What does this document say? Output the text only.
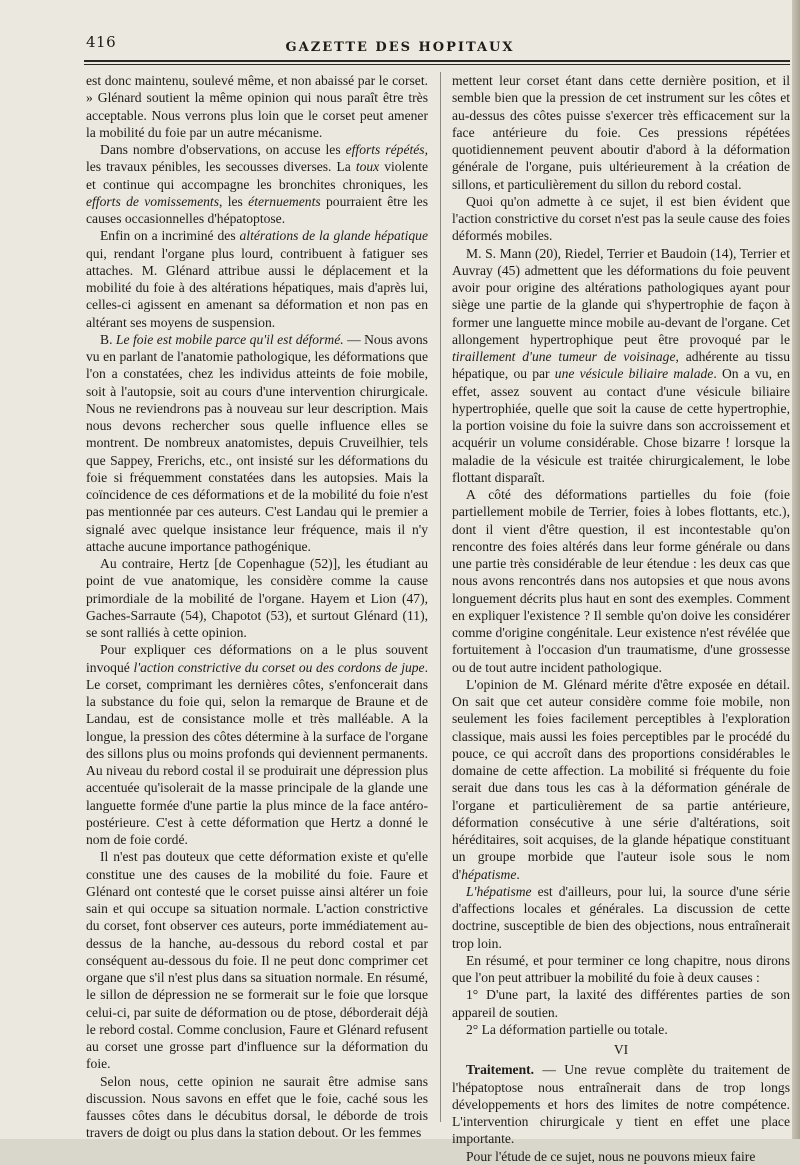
416	GAZETTE DES HOPITAUX

est donc maintenu, soulevé même, et non abaissé par le corset. » Glénard soutient la même opinion qui nous paraît être très acceptable. Nous verrons plus loin que le corset peut amener la mobilité du foie par un autre mécanisme.

Dans nombre d'observations, on accuse les efforts répétés, les travaux pénibles, les secousses diverses. La toux violente et continue qui accompagne les bronchites chroniques, les efforts de vomissements, les éternuements pourraient être les causes occasionnelles d'hépatoptose.

Enfin on a incriminé des altérations de la glande hépatique qui, rendant l'organe plus lourd, contribuent à fatiguer ses attaches. M. Glénard attribue aussi le déplacement et la mobilité du foie à des altérations hépatiques, mais d'après lui, celles-ci agissent en amenant sa déformation et non pas en altérant ses moyens de suspension.

B. Le foie est mobile parce qu'il est déformé. — Nous avons vu en parlant de l'anatomie pathologique, les déformations que l'on a constatées, chez les individus atteints de foie mobile, soit à l'autopsie, soit au cours d'une intervention chirurgicale. Nous ne reviendrons pas à nouveau sur leur description. Mais nous devons rechercher sous quelle influence elles se montrent. De nombreux anatomistes, depuis Cruveilhier, tels que Sappey, Frerichs, etc., ont insisté sur les déformations du foie si fréquemment constatées dans les autopsies. Mais la coïncidence de ces déformations et de la mobilité du foie n'est pas mentionnée par ces auteurs. C'est Landau qui le premier a signalé avec quelque insistance leur fréquence, mais il n'y attache aucune importance pathogénique.

Au contraire, Hertz [de Copenhague (52)], les étudiant au point de vue anatomique, les considère comme la cause primordiale de la mobilité de l'organe. Hayem et Lion (47), Gaches-Sarraute (54), Chapotot (53), et surtout Glénard (11), se sont ralliés à cette opinion.

Pour expliquer ces déformations on a le plus souvent invoqué l'action constrictive du corset ou des cordons de jupe. Le corset, comprimant les dernières côtes, s'enfoncerait dans la substance du foie qui, selon la remarque de Braune et de Landau, est de consistance molle et très malléable. A la longue, la pression des côtes détermine à la surface de l'organe des sillons plus ou moins profonds qui deviennent permanents. Au niveau du rebord costal il se produirait une dépression plus accentuée qu'isolerait de la masse principale de la glande une languette formée d'une partie la plus mince de la face antéro-postérieure. C'est à cette déformation que Hertz a donné le nom de foie cordé.

Il n'est pas douteux que cette déformation existe et qu'elle constitue une des causes de la mobilité du foie. Faure et Glénard ont contesté que le corset puisse ainsi altérer un foie sain et qui occupe sa situation normale. L'action constrictive du corset, font observer ces auteurs, porte immédiatement au-dessus de la hanche, au-dessous du rebord costal et par conséquent au-dessous du foie. Il ne peut donc comprimer cet organe que s'il n'est plus dans sa situation normale. En résumé, le sillon de dépression ne se formerait sur le foie que lorsque celui-ci, par suite de déformation ou de ptose, déborderait déjà le rebord costal. Comme conclusion, Faure et Glénard refusent au corset une grosse part d'influence sur la déformation du foie.

Selon nous, cette opinion ne saurait être admise sans discussion. Nous savons en effet que le foie, caché sous les fausses côtes dans le décubitus dorsal, le déborde de trois travers de doigt ou plus dans la station debout. Or les femmes

mettent leur corset étant dans cette dernière position, et il semble bien que la pression de cet instrument sur les côtes et au-dessus des côtes puisse s'exercer très efficacement sur la face antérieure du foie. Ces pressions répétées quotidiennement peuvent aboutir d'abord à la déformation générale de l'organe, puis ultérieurement à la création de sillons, et particulièrement du sillon du rebord costal.

Quoi qu'on admette à ce sujet, il est bien évident que l'action constrictive du corset n'est pas la seule cause des foies déformés mobiles.

M. S. Mann (20), Riedel, Terrier et Baudoin (14), Terrier et Auvray (45) admettent que les déformations du foie peuvent avoir pour origine des altérations pathologiques ayant pour siège une partie de la glande qui s'hypertrophie de façon à former une languette mince mobile au-devant de l'organe. Cet allongement hypertrophique peut être provoqué par le tiraillement d'une tumeur de voisinage, adhérente au tissu hépatique, ou par une vésicule biliaire malade. On a vu, en effet, assez souvent au contact d'une vésicule biliaire hypertrophiée, quelle que soit la cause de cette hypertrophie, la portion voisine du foie la suivre dans son accroissement et acquérir un volume considérable. Chose bizarre ! lorsque la maladie de la vésicule est traitée chirurgicalement, le lobe flottant disparaît.

A côté des déformations partielles du foie (foie partiellement mobile de Terrier, foies à lobes flottants, etc.), dont il vient d'être question, il est incontestable qu'on rencontre des foies altérés dans leur forme générale ou dans une partie très considérable de leur étendue : les deux cas que nous avons rencontrés dans nos autopsies et que nous avons longuement décrits plus haut en sont des exemples. Comment en expliquer l'existence ? Il semble qu'on doive les considérer comme d'origine congénitale. Leur existence n'est révélée que fortuitement à l'occasion d'un traumatisme, d'une grossesse ou de tout autre incident pathologique.

L'opinion de M. Glénard mérite d'être exposée en détail. On sait que cet auteur considère comme foie mobile, non seulement les foies facilement perceptibles à l'exploration classique, mais aussi les foies perceptibles par le procédé du pouce, ce qui accroît dans des proportions considérables le domaine de cette affection. La mobilité si fréquente du foie serait due dans tous les cas à la déformation générale de l'organe et particulièrement de sa partie antérieure, déformation consécutive à une série d'altérations, soit héréditaires, soit acquises, de la glande hépatique constituant un groupe morbide que l'auteur isole sous le nom d'hépatisme.

L'hépatisme est d'ailleurs, pour lui, la source d'une série d'affections locales et générales. La discussion de cette doctrine, susceptible de bien des objections, nous entraînerait trop loin.

En résumé, et pour terminer ce long chapitre, nous dirons que l'on peut attribuer la mobilité du foie à deux causes :

1° D'une part, la laxité des différentes parties de son appareil de soutien.

2° La déformation partielle ou totale.

VI

Traitement. — Une revue complète du traitement de l'hépatoptose nous entraînerait dans de trop longs développements et hors des limites de notre compétence. L'intervention chirurgicale y tient en effet une place importante.

Pour l'étude de ce sujet, nous ne pouvons mieux faire
